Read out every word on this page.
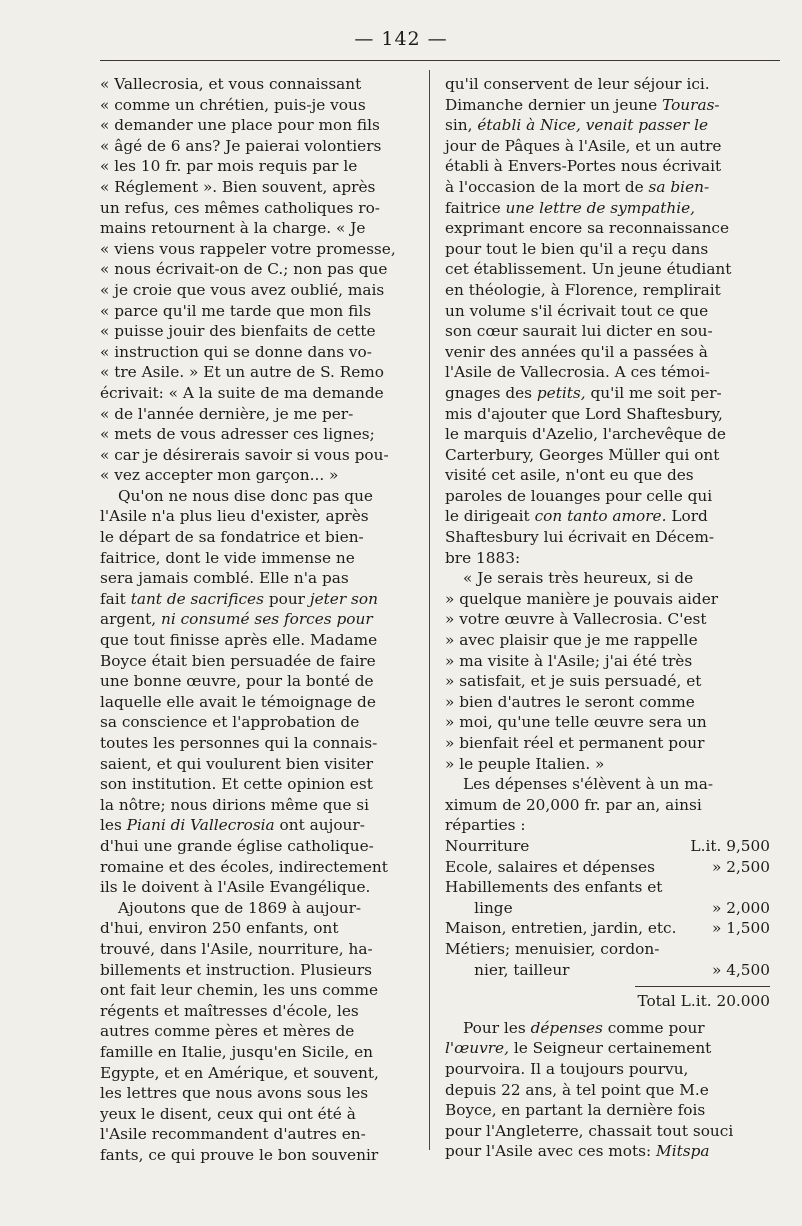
— 142 —
« Vallecrosia, et vous connaissant
« comme un chrétien, puis-je vous
« demander une place pour mon fils
« âgé de 6 ans? Je paierai volontiers
« les 10 fr. par mois requis par le
« Réglement ». Bien souvent, après
un refus, ces mêmes catholiques ro-
mains retournent à la charge. « Je
« viens vous rappeler votre promesse,
« nous écrivait-on de C.; non pas que
« je croie que vous avez oublié, mais
« parce qu'il me tarde que mon fils
« puisse jouir des bienfaits de cette
« instruction qui se donne dans vo-
« tre Asile. » Et un autre de S. Remo
écrivait: « A la suite de ma demande
« de l'année dernière, je me per-
« mets de vous adresser ces lignes;
« car je désirerais savoir si vous pou-
« vez accepter mon garçon... »
Qu'on ne nous dise donc pas que
l'Asile n'a plus lieu d'exister, après
le départ de sa fondatrice et bien-
faitrice, dont le vide immense ne
sera jamais comblé. Elle n'a pas
fait tant de sacrifices pour jeter son
argent, ni consumé ses forces pour
que tout finisse après elle. Madame
Boyce était bien persuadée de faire
une bonne œuvre, pour la bonté de
laquelle elle avait le témoignage de
sa conscience et l'approbation de
toutes les personnes qui la connais-
saient, et qui voulurent bien visiter
son institution. Et cette opinion est
la nôtre; nous dirions même que si
les Piani di Vallecrosia ont aujour-
d'hui une grande église catholique-
romaine et des écoles, indirectement
ils le doivent à l'Asile Evangélique.
Ajoutons que de 1869 à aujour-
d'hui, environ 250 enfants, ont
trouvé, dans l'Asile, nourriture, ha-
billements et instruction. Plusieurs
ont fait leur chemin, les uns comme
régents et maîtresses d'école, les
autres comme pères et mères de
famille en Italie, jusqu'en Sicile, en
Egypte, et en Amérique, et souvent,
les lettres que nous avons sous les
yeux le disent, ceux qui ont été à
l'Asile recommandent d'autres en-
fants, ce qui prouve le bon souvenir
qu'il conservent de leur séjour ici.
Dimanche dernier un jeune Touras-
sin, établi à Nice, venait passer le
jour de Pâques à l'Asile, et un autre
établi à Envers-Portes nous écrivait
à l'occasion de la mort de sa bien-
faitrice une lettre de sympathie,
exprimant encore sa reconnaissance
pour tout le bien qu'il a reçu dans
cet établissement. Un jeune étudiant
en théologie, à Florence, remplirait
un volume s'il écrivait tout ce que
son cœur saurait lui dicter en sou-
venir des années qu'il a passées à
l'Asile de Vallecrosia. A ces témoi-
gnages des petits, qu'il me soit per-
mis d'ajouter que Lord Shaftesbury,
le marquis d'Azelio, l'archevêque de
Carterbury, Georges Müller qui ont
visité cet asile, n'ont eu que des
paroles de louanges pour celle qui
le dirigeait con tanto amore. Lord
Shaftesbury lui écrivait en Décem-
bre 1883:
« Je serais très heureux, si de
» quelque manière je pouvais aider
» votre œuvre à Vallecrosia. C'est
» avec plaisir que je me rappelle
» ma visite à l'Asile; j'ai été très
» satisfait, et je suis persuadé, et
» bien d'autres le seront comme
» moi, qu'une telle œuvre sera un
» bienfait réel et permanent pour
» le peuple Italien. »
Les dépenses s'élèvent à un ma-
ximum de 20,000 fr. par an, ainsi
réparties :
Nourriture	L.it. 9,500
Ecole, salaires et dépenses	» 2,500
Habillements des enfants et
linge	» 2,000
Maison, entretien, jardin, etc. » 1,500
Métiers; menuisier, cordon-
nier, tailleur	» 4,500
Total L.it. 20.000
Pour les dépenses comme pour
l'œuvre, le Seigneur certainement
pourvoira. Il a toujours pourvu,
depuis 22 ans, à tel point que M.e
Boyce, en partant la dernière fois
pour l'Angleterre, chassait tout souci
pour l'Asile avec ces mots: Mitspa
